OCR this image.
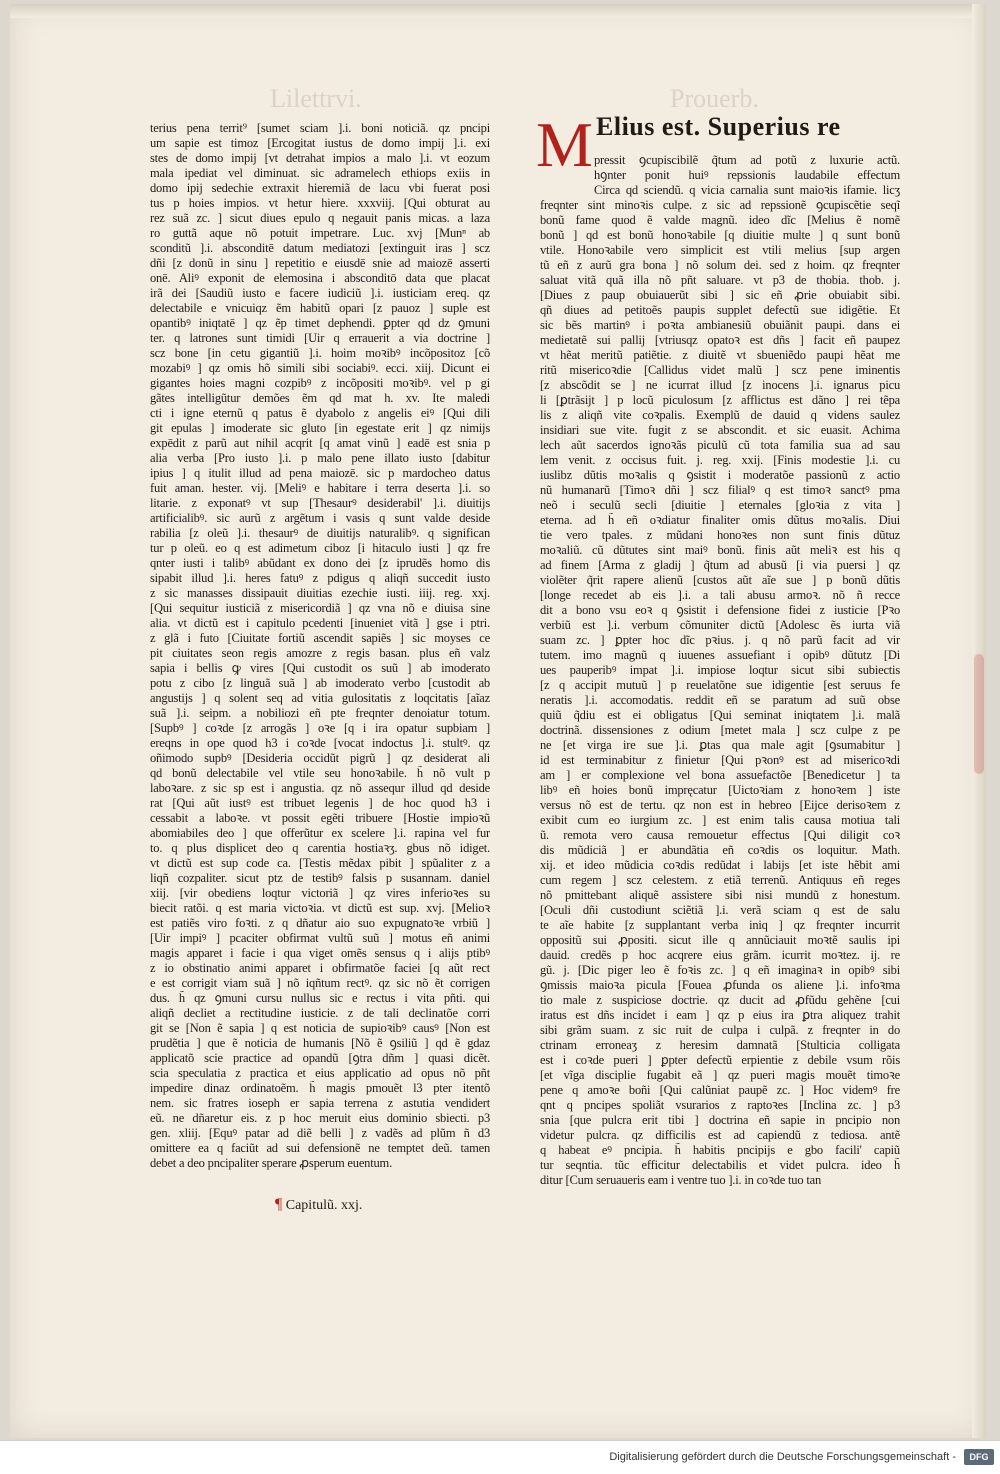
Lilettrvi.	Prouerb.
terius pena territ⁹ [sumet sciam ].i. boni noticiã. qz pncipi
um sapie est timoz [Ercogitat iustus de domo impij ].i. exi
stes de domo impij [vt detrahat impios a malo ].i. vt eozum
mala ipediat vel diminuat. sic adramelech ethiops exiis in
domo ipij sedechie extraxit hieremiã de lacu vbi fuerat posi
tus p hoies impios. vt hetur hiere. xxxviij. [Qui obturat au
rez suã zc. ] sicut diues epulo q negauit panis micas. a laza
ro guttã aque nõ potuit impetrare. Luc. xvj [Munⁿ ab
sconditũ ].i. absconditē datum mediatozi [extinguit iras ] scz
dñi [z donũ in sinu ] repetitio e eiusdē snie ad maiozē asserti
onē. Aliꝰ exponit de elemosina i absconditō data que placat
irã dei [Saudiũ iusto e facere iudiciũ ].i. iusticiam ereq. qz
delectabile e vnicuiqz ẽm habitũ opari [z pauoz ] suple est
opantibꝰ iniqtatē ] qz ẽp timet dephendi. ꝑpter qd dz ꝯmuni
ter. q latrones sunt timidi [Uir q errauerit a via doctrine ]
scz bone [in cetu gigantiũ ].i. hoim moꝛibꝰ incõpositoz [cõ
mozabiꝰ ] qz omis hõ simili sibi sociabiꝰ. ecci. xiij. Dicunt ei
gigantes hoies magni cozpibꝰ z incõpositi moꝛibꝰ. vel p gi
gãtes intelligũtur demões ẽm qd mat h. xv. Ite maledi
cti i igne eternũ q patus ẽ dyabolo z angelis eiꝰ [Qui dili
git epulas ] imoderate sic gluto [in egestate erit ] qz nimijs
expēdit z parũ aut nihil acqrit [q amat vinũ ] eadē est snia p
alia verba [Pro iusto ].i. p malo pene illato iusto [dabitur
ipius ] q itulit illud ad pena maiozē. sic p mardocheo datus
fuit aman. hester. vij. [Meliꝰ e habitare i terra deserta ].i. so
litarie. z exponatꝰ vt sup [Thesaurꝰ desiderabil' ].i. diuitijs
artificialibꝰ. sic aurũ z argẽtum i vasis q sunt valde deside
rabilia [z oleũ ].i. thesaurꝰ de diuitijs naturalibꝰ. q significan
tur p oleũ. eo q est adimetum ciboz [i hitaculo iusti ] qz fre
qnter iusti i talibꝰ abũdant ex dono dei [z iprudẽs homo dis
sipabit illud ].i. heres fatuꝰ z pdigus q aliqñ succedit iusto
z sic manasses dissipauit diuitias ezechie iusti. iiij. reg. xxj.
[Qui sequitur iusticiã z misericordiã ] qz vna nõ e diuisa sine
alia. vt dictũ est i capitulo pcedenti [inueniet vitã ] gse i ptri.
z glã i futo [Ciuitate fortiũ ascendit sapiẽs ] sic moyses ce
pit ciuitates seon regis amozre z regis basan. plus eñ valz
sapia i bellis ꝙ vires [Qui custodit os suũ ] ab imoderato
potu z cibo [z linguã suã ] ab imoderato verbo [custodit ab
angustijs ] q solent seq ad vitia gulositatis z loqcitatis [aĩaz
suã ].i. seipm. a nobiliozi eñ pte freqnter denoiatur totum.
[Supbꝰ ] coꝛde [z arrogãs ] oꝛe [q i ira opatur supbiam ]
ereqns in ope quod h3 i coꝛde [vocat indoctus ].i. stultꝰ. qz
oñimodo supbꝰ [Desideria occidũt pigrũ ] qz desiderat ali
qd bonũ delectabile vel vtile seu honoꝛabile. h̃ nõ vult p
laboꝛare. z sic sp est i angustia. qz nõ assequr illud qd deside
rat [Qui aũt iustꝰ est tribuet legenis ] de hoc quod h3 i
cessabit a laboꝛe. vt possit egẽti tribuere [Hostie impioꝛũ
abomiabiles deo ] que offerũtur ex scelere ].i. rapina vel fur
to. q plus displicet deo q carentia hostiaꝛʒ. gbus nõ idiget.
vt dictũ est sup code ca. [Testis mẽdax pibit ] spũaliter z a
liqñ cozpaliter. sicut ptz de testibꝰ falsis p susannam. daniel
xiij. [vir obediens loqtur victoriã ] qz vires inferioꝛes su
biecit ratõi. q est maria victoꝛia. vt dictũ est sup. xvj. [Melioꝛ
est patiẽs viro foꝛti. z q dñatur aio suo expugnatoꝛe vrbiũ ]
[Uir impiꝰ ] pcaciter obfirmat vultũ suũ ] motus eñ animi
magis apparet i facie i qua viget omẽs sensus q i alijs ptibꝰ
z io obstinatio animi apparet i obfirmatõe faciei [q aũt rect
e est corrigit viam suã ] nõ iqñtum rectꝰ. qz sic nõ ẽt corrigen
dus. h̃ qz ꝯmuni cursu nullus sic e rectus i vita pñti. qui
aliqñ decliet a rectitudine iusticie. z de tali declinatõe corri
git se [Non ẽ sapia ] q est noticia de supioꝛibꝰ causꝰ [Non est
prudẽtia ] que ẽ noticia de humanis [Nõ ẽ ꝯsiliũ ] qd ẽ gdaz
applicatõ scie practice ad opandũ [ꝯtra dñm ] quasi dicẽt.
scia speculatia z practica et eius applicatio ad opus nõ pñt
impedire dinaz ordinatoẽm. h̃ magis pmouẽt l3 pter itentõ
nem. sic fratres ioseph er sapia terrena z astutia vendidert
eũ. ne dñaretur eis. z p hoc meruit eius dominio sbiecti. p3
gen. xliij. [Equꝰ patar ad diẽ belli ] z vadẽs ad plũm ñ d3
omittere ea q faciũt ad sui defensionẽ ne temptet deũ. tamen
debet a deo pncipaliter sperare ꝓsperum euentum.
¶ Capitulũ. xxj.
M Elius est. Superius re
pressit ꝯcupiscibilẽ q̃tum ad potũ z luxurie actũ.
hꝯnter ponit huiꝰ repssionis laudabile effectum
Circa qd sciendũ. q vicia carnalia sunt maioꝛis ifamie. licʒ
freqnter sint minoꝛis culpe. z sic ad repssionẽ ꝯcupiscẽtie seqĩ
bonũ fame quod ẽ valde magnũ. ideo dĩc [Melius ẽ nomẽ
bonũ ] qd est bonũ honoꝛabile [q diuitie multe ] q sunt bonũ
vtile. Honoꝛabile vero simplicit est vtili melius [sup argen
tũ eñ z aurũ gra bona ] nõ solum dei. sed z hoim. qz freqnter
saluat vitã quã illa nõ pñt saluare. vt p3 de thobia. thob. j.
[Diues z paup obuiauerũt sibi ] sic eñ ꝓrie obuiabit sibi.
qñ diues ad petitoẽs paupis supplet defectũ sue idigẽtie. Et
sic bẽs martinꝰ i poꝛta ambianesiũ obuiãnit paupi. dans ei
medietatẽ sui pallij [vtriusqz opatoꝛ est dñs ] facit eñ paupez
vt hẽat meritũ patiẽtie. z diuitẽ vt sbueniẽdo paupi hẽat me
ritũ misericoꝛdie [Callidus videt malũ ] scz pene iminentis
[z abscõdit se ] ne icurrat illud [z inocens ].i. ignarus picu
li [ꝑtrãsijt ] p locũ piculosum [z afflictus est dãno ] rei tẽpa
lis z aliqñ vite coꝛpalis. Exemplũ de dauid q videns saulez
insidiari sue vite. fugit z se abscondit. et sic euasit. Achima
lech aũt sacerdos ignoꝛãs piculũ cũ tota familia sua ad sau
lem venit. z occisus fuit. j. reg. xxij. [Finis modestie ].i. cu
iuslibz dũtis moꝛalis q ꝯsistit i moderatõe passionũ z actio
nũ humanarũ [Timoꝛ dñi ] scz filialꝰ q est timoꝛ sanctꝰ pma
neõ i seculũ secli [diuitie ] eternales [gloꝛia z vita ]
eterna. ad h̃ eñ oꝛdiatur finaliter omis dũtus moꝛalis. Diui
tie vero tpales. z mũdani honoꝛes non sunt finis dũtuz
moꝛaliũ. cũ dũtutes sint maiꝰ bonũ. finis aũt meliꝛ est his q
ad finem [Arma z gladij ] q̃tum ad abusũ [i via puersi ] qz
violẽter q̃rit rapere alienũ [custos aũt aĩe sue ] p bonũ dũtis
[longe recedet ab eis ].i. a tali abusu armoꝛ. nõ ñ recce
dit a bono vsu eoꝛ q ꝯsistit i defensione fidei z iusticie [Pꝛo
verbiũ est ].i. verbum cõmuniter dictũ [Adolesc ẽs iurta viã
suam zc. ] ꝑpter hoc dĩc pꝛius. j. q nõ parũ facit ad vir
tutem. imo magnũ q iuuenes assuefiant i opibꝰ dũtutz [Di
ues pauperibꝰ impat ].i. impiose loqtur sicut sibi subiectis
[z q accipit mutuũ ] p reuelatõne sue idigentie [est seruus fe
neratis ].i. accomodatis. reddit eñ se paratum ad suũ obse
quiũ q̃diu est ei obligatus [Qui seminat iniqtatem ].i. malã
doctrinã. dissensiones z odium [metet mala ] scz culpe z pe
ne [et virga ire sue ].i. ꝑtas qua male agit [ꝯsumabitur ]
id est terminabitur z finietur [Qui pꝛonꝰ est ad misericoꝛdi
am ] er complexione vel bona assuefactõe [Benedicetur ] ta
libꝰ eñ hoies bonũ impręcatur [Uictoꝛiam z honoꝛem ] iste
versus nõ est de tertu. qz non est in hebreo [Eijce derisoꝛem z
exibit cum eo iurgium zc. ] est enim talis causa motiua tali
ũ. remota vero causa remouetur effectus [Qui diligit coꝛ
dis mũdiciã ] er abundãtia eñ coꝛdis os loquitur. Math.
xij. et ideo mũdicia coꝛdis redũdat i labijs [et iste hẽbit ami
cum regem ] scz celestem. z etiã terrenũ. Antiquus eñ reges
nõ pmittebant aliquẽ assistere sibi nisi mundũ z honestum.
[Oculi dñi custodiunt sciẽtiã ].i. verã sciam q est de salu
te aĩe habite [z supplantant verba iniq ] qz freqnter incurrit
oppositũ sui ꝓpositi. sicut ille q annũciauit moꝛtẽ saulis ipi
dauid. credẽs p hoc acqrere eius grãm. icurrit moꝛtez. ij. re
gũ. j. [Dic piger leo ẽ foꝛis zc. ] q eñ imaginaꝛ in opibꝰ sibi
ꝯmissis maioꝛa picula [Fouea ꝓfunda os aliene ].i. infoꝛma
tio male z suspiciose doctrie. qz ducit ad ꝓfũdu gehẽne [cui
iratus est dñs incidet i eam ] qz p eius ira ꝑtra aliquez trahit
sibi grãm suam. z sic ruit de culpa i culpã. z freqnter in do
ctrinam erroneaʒ z heresim damnatã [Stulticia colligata
est i coꝛde pueri ] ꝑpter defectũ erpientie z debile vsum rõis
[et vĩga disciplie fugabit eã ] qz pueri magis mouẽt timoꝛe
pene q amoꝛe boñi [Qui calũniat paupẽ zc. ] Hoc videmꝰ fre
qnt q pncipes spoliãt vsurarios z raptoꝛes [Inclina zc. ] p3
snia [que pulcra erit tibi ] doctrina eñ sapie in pncipio non
videtur pulcra. qz difficilis est ad capiendũ z tediosa. antẽ
q habeat eꝰ pncipia. h̃ habitis pncipijs e gbo facili' capiũ
tur seqntia. tũc efficitur delectabilis et videt pulcra. ideo h̃
ditur [Cum seruaueris eam i ventre tuo ].i. in coꝛde tuo tan
Digitalisierung gefördert durch die Deutsche Forschungsgemeinschaft -	DFG
